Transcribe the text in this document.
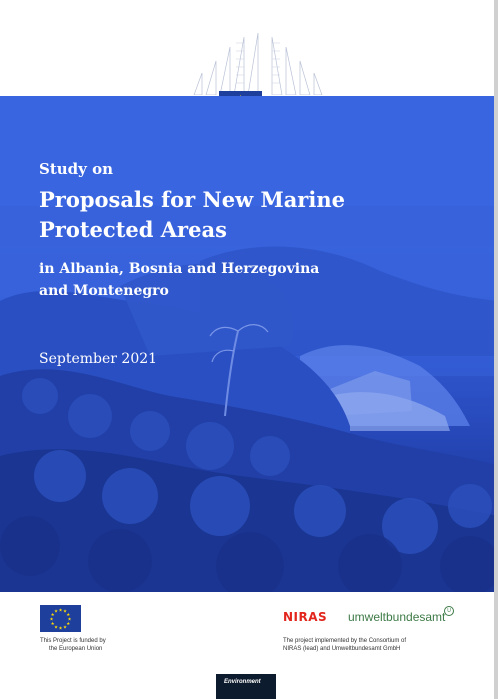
Study on
Proposals for New Marine
Protected Areas
in Albania, Bosnia and Herzegovina
and Montenegro
September 2021
★ ★
★
★
★
★
★
★
★
★
★
★
This Project is funded by
the European Union
NIRAS umweltbundesamt U
The project implemented by the Consortium of
NIRAS (lead) and Umweltbundesamt GmbH
Environment
